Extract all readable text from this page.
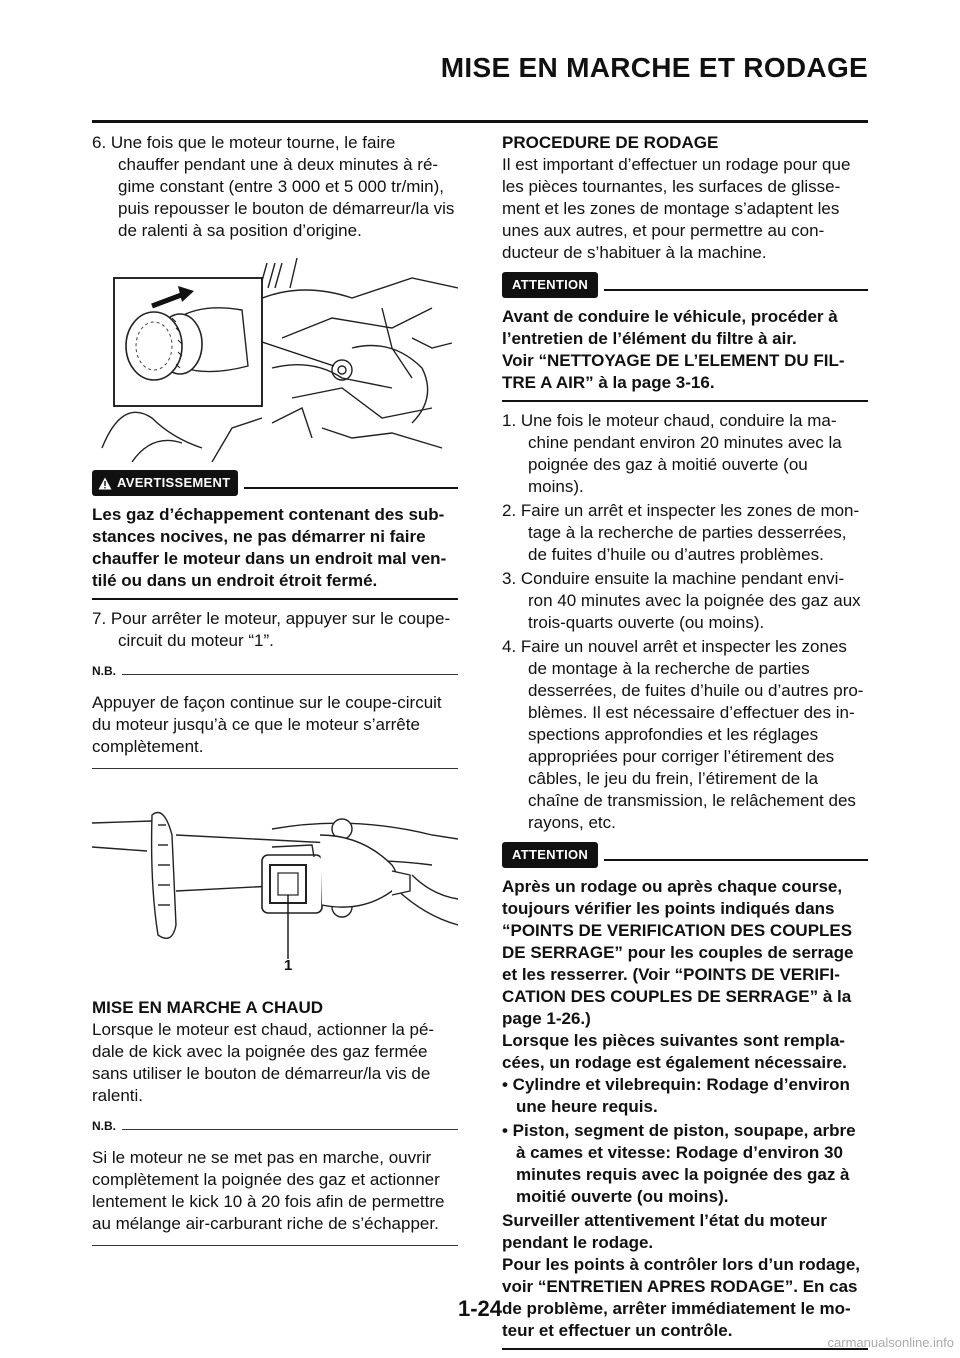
MISE EN MARCHE ET RODAGE

6. Une fois que le moteur tourne, le faire chauffer pendant une à deux minutes à ré-gime constant (entre 3 000 et 5 000 tr/min), puis repousser le bouton de démarreur/la vis de ralenti à sa position d’origine.

AVERTISSEMENT

Les gaz d’échappement contenant des sub-stances nocives, ne pas démarrer ni faire chauffer le moteur dans un endroit mal ven-tilé ou dans un endroit étroit fermé.

7. Pour arrêter le moteur, appuyer sur le coupe-circuit du moteur “1”.

N.B.

Appuyer de façon continue sur le coupe-circuit du moteur jusqu’à ce que le moteur s’arrête complètement.

1

MISE EN MARCHE A CHAUD

Lorsque le moteur est chaud, actionner la pé-dale de kick avec la poignée des gaz fermée sans utiliser le bouton de démarreur/la vis de ralenti.

N.B.

Si le moteur ne se met pas en marche, ouvrir complètement la poignée des gaz et actionner lentement le kick 10 à 20 fois afin de permettre au mélange air-carburant riche de s’échapper.

PROCEDURE DE RODAGE

Il est important d’effectuer un rodage pour que les pièces tournantes, les surfaces de glisse-ment et les zones de montage s’adaptent les unes aux autres, et pour permettre au con-ducteur de s’habituer à la machine.

ATTENTION

Avant de conduire le véhicule, procéder à l’entretien de l’élément du filtre à air.

Voir “NETTOYAGE DE L’ELEMENT DU FIL-TRE A AIR” à la page 3-16.

1. Une fois le moteur chaud, conduire la ma-chine pendant environ 20 minutes avec la poignée des gaz à moitié ouverte (ou moins).

2. Faire un arrêt et inspecter les zones de mon-tage à la recherche de parties desserrées, de fuites d’huile ou d’autres problèmes.

3. Conduire ensuite la machine pendant envi-ron 40 minutes avec la poignée des gaz aux trois-quarts ouverte (ou moins).

4. Faire un nouvel arrêt et inspecter les zones de montage à la recherche de parties desserrées, de fuites d’huile ou d’autres pro-blèmes. Il est nécessaire d’effectuer des in-spections approfondies et les réglages appropriées pour corriger l’étirement des câbles, le jeu du frein, l’étirement de la chaîne de transmission, le relâchement des rayons, etc.

ATTENTION

Après un rodage ou après chaque course, toujours vérifier les points indiqués dans “POINTS DE VERIFICATION DES COUPLES DE SERRAGE” pour les couples de serrage et les resserrer. (Voir “POINTS DE VERIFI-CATION DES COUPLES DE SERRAGE” à la page 1-26.)

Lorsque les pièces suivantes sont rempla-cées, un rodage est également nécessaire.

• Cylindre et vilebrequin: Rodage d’environ une heure requis.

• Piston, segment de piston, soupape, arbre à cames et vitesse: Rodage d’environ 30 minutes requis avec la poignée des gaz à moitié ouverte (ou moins).

Surveiller attentivement l’état du moteur pendant le rodage.

Pour les points à contrôler lors d’un rodage, voir “ENTRETIEN APRES RODAGE”. En cas de problème, arrêter immédiatement le mo-teur et effectuer un contrôle.

1-24
carmanualsonline.info
